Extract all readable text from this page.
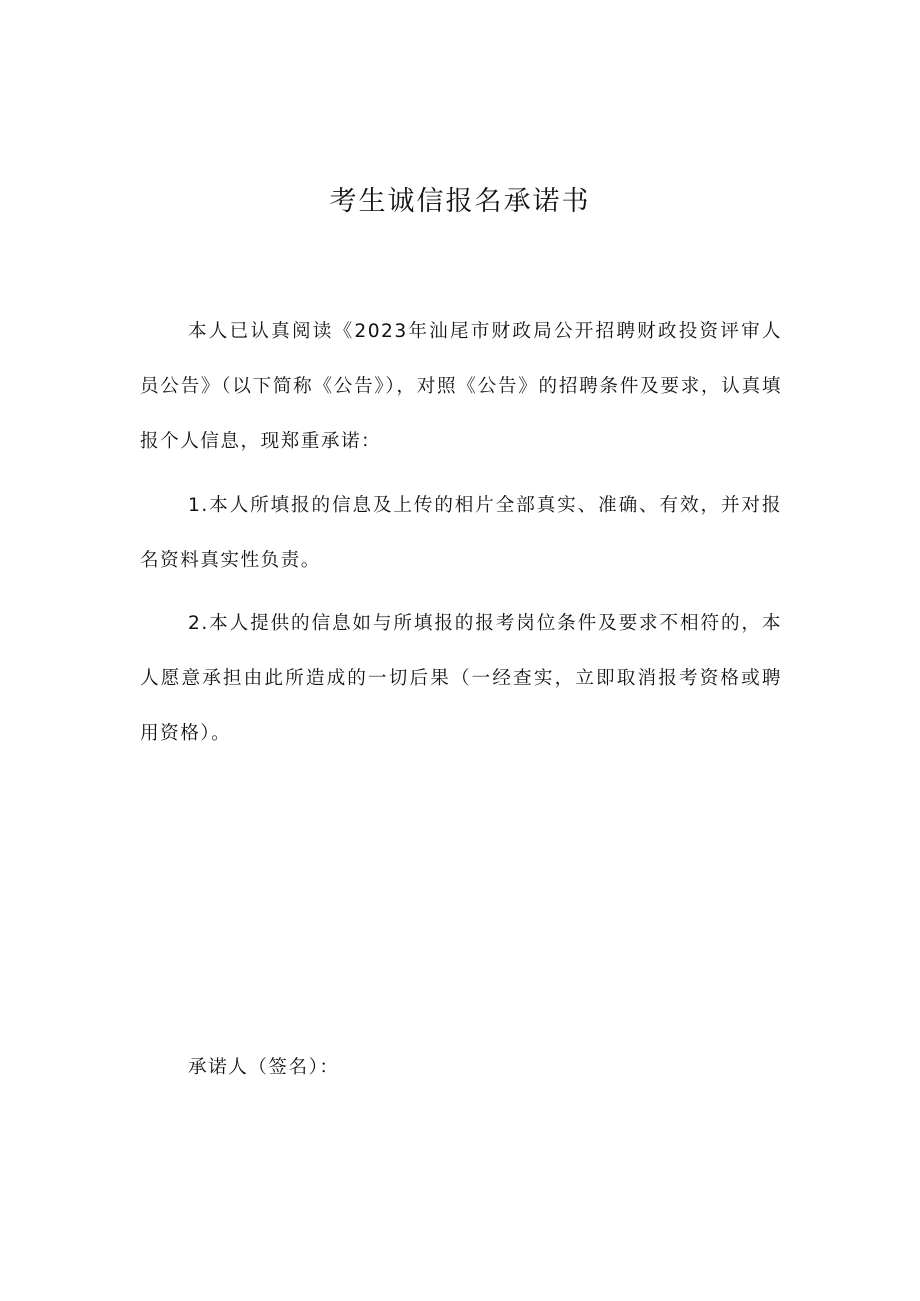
考生诚信报名承诺书

本人已认真阅读《2023年汕尾市财政局公开招聘财政投资评审人员公告》（以下简称《公告》），对照《公告》的招聘条件及要求，认真填报个人信息，现郑重承诺：

1.本人所填报的信息及上传的相片全部真实、准确、有效，并对报名资料真实性负责。

2.本人提供的信息如与所填报的报考岗位条件及要求不相符的，本人愿意承担由此所造成的一切后果（一经查实，立即取消报考资格或聘用资格）。

承诺人（签名）：
